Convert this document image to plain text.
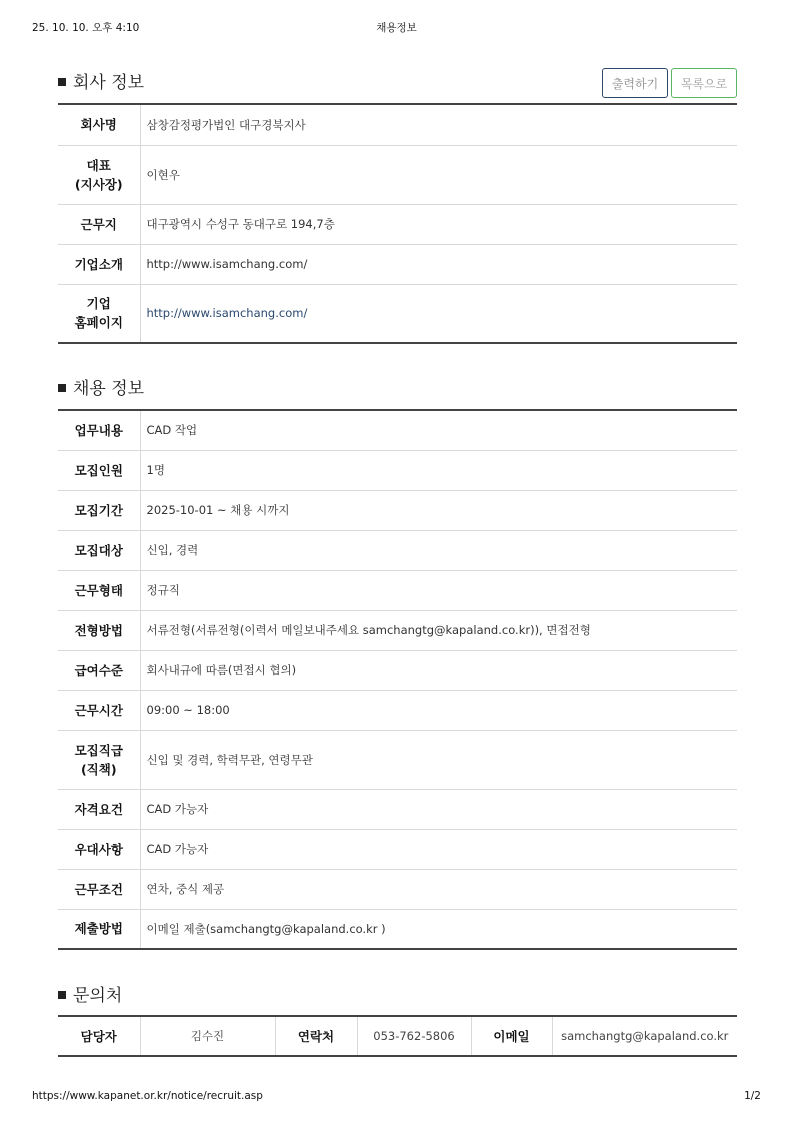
25. 10. 10. 오후 4:10	채용정보
회사 정보	출력하기	목록으로
회사명	삼창감정평가법인 대구경북지사
대표
(지사장)	이현우
근무지	대구광역시 수성구 동대구로 194,7층
기업소개	http://www.isamchang.com/
기업
홈페이지	http://www.isamchang.com/
채용 정보
업무내용	CAD 작업
모집인원	1명
모집기간	2025-10-01 ~ 채용 시까지
모집대상	신입, 경력
근무형태	정규직
전형방법	서류전형(서류전형(이력서 메일보내주세요 samchangtg@kapaland.co.kr)), 면접전형
급여수준	회사내규에 따름(면접시 협의)
근무시간	09:00 ~ 18:00
모집직급
(직책)	신입 및 경력, 학력무관, 연령무관
자격요건	CAD 가능자
우대사항	CAD 가능자
근무조건	연차, 중식 제공
제출방법	이메일 제출(samchangtg@kapaland.co.kr )
문의처
담당자	김수진	연락처	053-762-5806	이메일	samchangtg@kapaland.co.kr
https://www.kapanet.or.kr/notice/recruit.asp	1/2
